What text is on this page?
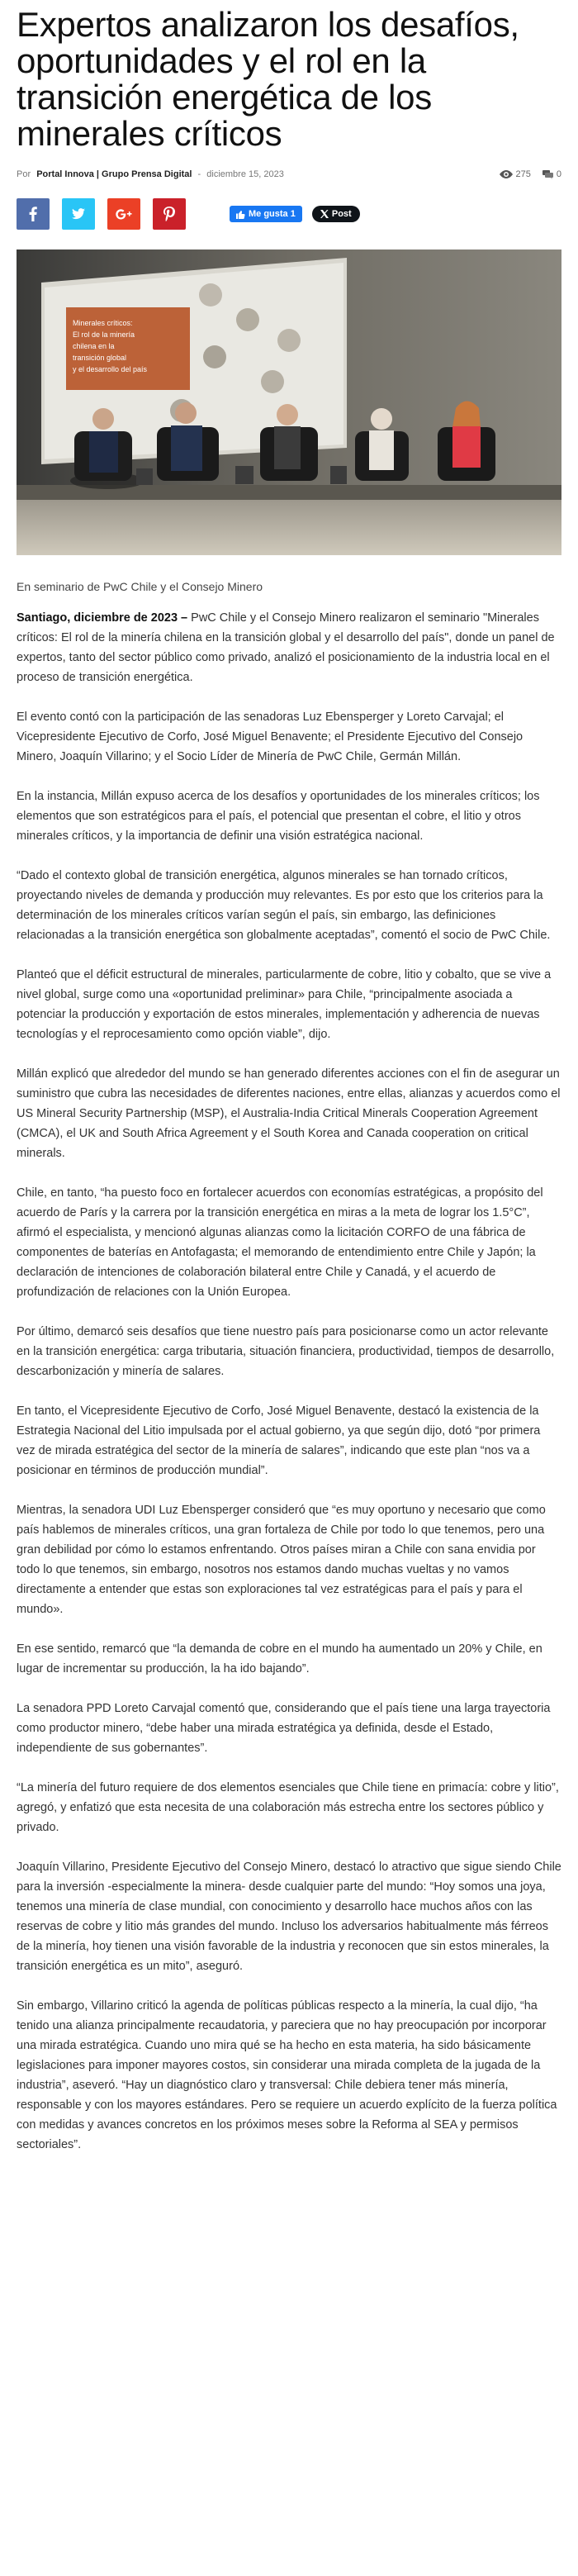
Expertos analizaron los desafíos, oportunidades y el rol en la transición energética de los minerales críticos
Por Portal Innova | Grupo Prensa Digital - diciembre 15, 2023	275	0
Me gusta 1	Post
Minerales críticos:
El rol de la minería
chilena en la
transición global
y el desarrollo del país
Minerales críticos: El rol de la minería chilena en la transición global y el desarrollo del país

En seminario de PwC Chile y el Consejo Minero

Santiago, diciembre de 2023 – PwC Chile y el Consejo Minero realizaron el seminario "Minerales críticos: El rol de la minería chilena en la transición global y el desarrollo del país", donde un panel de expertos, tanto del sector público como privado, analizó el posicionamiento de la industria local en el proceso de transición energética.

El evento contó con la participación de las senadoras Luz Ebensperger y Loreto Carvajal; el Vicepresidente Ejecutivo de Corfo, José Miguel Benavente; el Presidente Ejecutivo del Consejo Minero, Joaquín Villarino; y el Socio Líder de Minería de PwC Chile, Germán Millán.

En la instancia, Millán expuso acerca de los desafíos y oportunidades de los minerales críticos; los elementos que son estratégicos para el país, el potencial que presentan el cobre, el litio y otros minerales críticos, y la importancia de definir una visión estratégica nacional.

“Dado el contexto global de transición energética, algunos minerales se han tornado críticos, proyectando niveles de demanda y producción muy relevantes. Es por esto que los criterios para la determinación de los minerales críticos varían según el país, sin embargo, las definiciones relacionadas a la transición energética son globalmente aceptadas”, comentó el socio de PwC Chile.

Planteó que el déficit estructural de minerales, particularmente de cobre, litio y cobalto, que se vive a nivel global, surge como una «oportunidad preliminar» para Chile, “principalmente asociada a potenciar la producción y exportación de estos minerales, implementación y adherencia de nuevas tecnologías y el reprocesamiento como opción viable”, dijo.

Millán explicó que alrededor del mundo se han generado diferentes acciones con el fin de asegurar un suministro que cubra las necesidades de diferentes naciones, entre ellas, alianzas y acuerdos como el US Mineral Security Partnership (MSP), el Australia-India Critical Minerals Cooperation Agreement (CMCA), el UK and South Africa Agreement y el South Korea and Canada cooperation on critical minerals.

Chile, en tanto, “ha puesto foco en fortalecer acuerdos con economías estratégicas, a propósito del acuerdo de París y la carrera por la transición energética en miras a la meta de lograr los 1.5°C”, afirmó el especialista, y mencionó algunas alianzas como la licitación CORFO de una fábrica de componentes de baterías en Antofagasta; el memorando de entendimiento entre Chile y Japón; la declaración de intenciones de colaboración bilateral entre Chile y Canadá, y el acuerdo de profundización de relaciones con la Unión Europea.

Por último, demarcó seis desafíos que tiene nuestro país para posicionarse como un actor relevante en la transición energética: carga tributaria, situación financiera, productividad, tiempos de desarrollo, descarbonización y minería de salares.

En tanto, el Vicepresidente Ejecutivo de Corfo, José Miguel Benavente, destacó la existencia de la Estrategia Nacional del Litio impulsada por el actual gobierno, ya que según dijo, dotó “por primera vez de mirada estratégica del sector de la minería de salares”, indicando que este plan “nos va a posicionar en términos de producción mundial”.

Mientras, la senadora UDI Luz Ebensperger consideró que “es muy oportuno y necesario que como país hablemos de minerales críticos, una gran fortaleza de Chile por todo lo que tenemos, pero una gran debilidad por cómo lo estamos enfrentando. Otros países miran a Chile con sana envidia por todo lo que tenemos, sin embargo, nosotros nos estamos dando muchas vueltas y no vamos directamente a entender que estas son exploraciones tal vez estratégicas para el país y para el mundo».

En ese sentido, remarcó que “la demanda de cobre en el mundo ha aumentado un 20% y Chile, en lugar de incrementar su producción, la ha ido bajando”.

La senadora PPD Loreto Carvajal comentó que, considerando que el país tiene una larga trayectoria como productor minero, “debe haber una mirada estratégica ya definida, desde el Estado, independiente de sus gobernantes”.

“La minería del futuro requiere de dos elementos esenciales que Chile tiene en primacía: cobre y litio”, agregó, y enfatizó que esta necesita de una colaboración más estrecha entre los sectores público y privado.

Joaquín Villarino, Presidente Ejecutivo del Consejo Minero, destacó lo atractivo que sigue siendo Chile para la inversión -especialmente la minera- desde cualquier parte del mundo: “Hoy somos una joya, tenemos una minería de clase mundial, con conocimiento y desarrollo hace muchos años con las reservas de cobre y litio más grandes del mundo. Incluso los adversarios habitualmente más férreos de la minería, hoy tienen una visión favorable de la industria y reconocen que sin estos minerales, la transición energética es un mito”, aseguró.

Sin embargo, Villarino criticó la agenda de políticas públicas respecto a la minería, la cual dijo, “ha tenido una alianza principalmente recaudatoria, y pareciera que no hay preocupación por incorporar una mirada estratégica. Cuando uno mira qué se ha hecho en esta materia, ha sido básicamente legislaciones para imponer mayores costos, sin considerar una mirada completa de la jugada de la industria”, aseveró. “Hay un diagnóstico claro y transversal: Chile debiera tener más minería, responsable y con los mayores estándares. Pero se requiere un acuerdo explícito de la fuerza política con medidas y avances concretos en los próximos meses sobre la Reforma al SEA y permisos sectoriales”.
